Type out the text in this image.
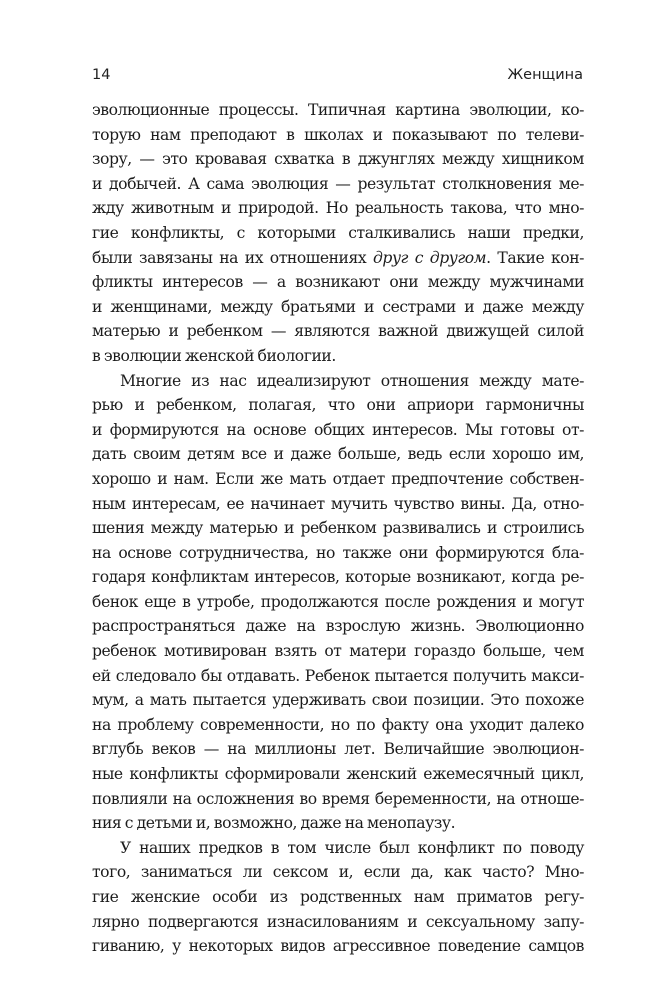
14	Женщина
эволюционные процессы. Типичная картина эволюции, ко-
торую нам преподают в школах и показывают по телеви-
зору, — это кровавая схватка в джунглях между хищником
и добычей. А сама эволюция — результат столкновения ме-
жду животным и природой. Но реальность такова, что мно-
гие конфликты, с которыми сталкивались наши предки,
были завязаны на их отношениях друг с другом. Такие кон-
фликты интересов — а возникают они между мужчинами
и женщинами, между братьями и сестрами и даже между
матерью и ребенком — являются важной движущей силой
в эволюции женской биологии.
Многие из нас идеализируют отношения между мате-
рью и ребенком, полагая, что они априори гармоничны
и формируются на основе общих интересов. Мы готовы от-
дать своим детям все и даже больше, ведь если хорошо им,
хорошо и нам. Если же мать отдает предпочтение собствен-
ным интересам, ее начинает мучить чувство вины. Да, отно-
шения между матерью и ребенком развивались и строились
на основе сотрудничества, но также они формируются бла-
годаря конфликтам интересов, которые возникают, когда ре-
бенок еще в утробе, продолжаются после рождения и могут
распространяться даже на взрослую жизнь. Эволюционно
ребенок мотивирован взять от матери гораздо больше, чем
ей следовало бы отдавать. Ребенок пытается получить макси-
мум, а мать пытается удерживать свои позиции. Это похоже
на проблему современности, но по факту она уходит далеко
вглубь веков — на миллионы лет. Величайшие эволюцион-
ные конфликты сформировали женский ежемесячный цикл,
повлияли на осложнения во время беременности, на отноше-
ния с детьми и, возможно, даже на менопаузу.
У наших предков в том числе был конфликт по поводу
того, заниматься ли сексом и, если да, как часто? Мно-
гие женские особи из родственных нам приматов регу-
лярно подвергаются изнасилованиям и сексуальному запу-
гиванию, у некоторых видов агрессивное поведение самцов
